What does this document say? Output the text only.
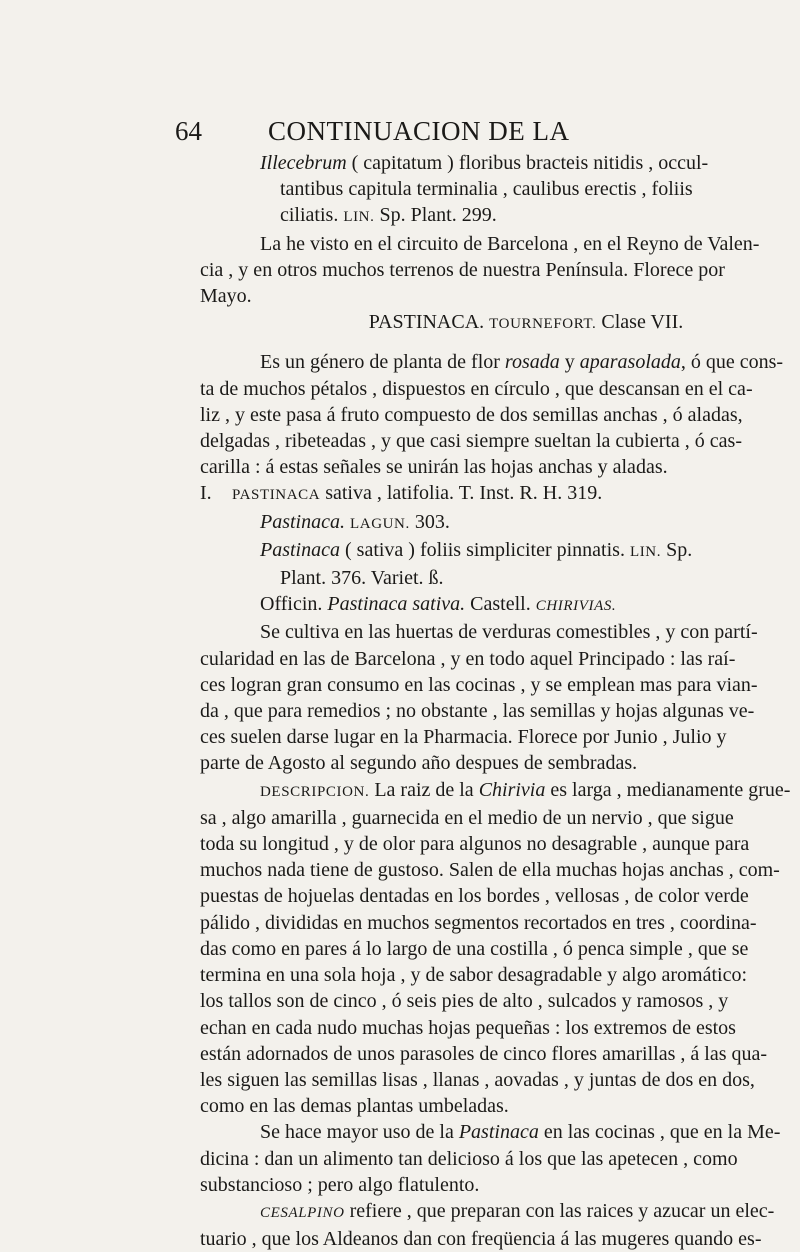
64 CONTINUACION DE LA

Illecebrum ( capitatum ) floribus bracteis nitidis , occul-

tantibus capitula terminalia , caulibus erectis , foliis

ciliatis. LIN. Sp. Plant. 299.

La he visto en el circuito de Barcelona , en el Reyno de Valen-

cia , y en otros muchos terrenos de nuestra Península. Florece por

Mayo.

PASTINACA. TOURNEFORT. Clase VII.

Es un género de planta de flor rosada y aparasolada, ó que cons-

ta de muchos pétalos , dispuestos en círculo , que descansan en el ca-

liz , y este pasa á fruto compuesto de dos semillas anchas , ó aladas,

delgadas , ribeteadas , y que casi siempre sueltan la cubierta , ó cas-

carilla : á estas señales se unirán las hojas anchas y aladas.

I. PASTINACA sativa , latifolia. T. Inst. R. H. 319.

Pastinaca. LAGUN. 303.

Pastinaca ( sativa ) foliis simpliciter pinnatis. LIN. Sp.

Plant. 376. Variet. ß.

Officin. Pastinaca sativa. Castell. CHIRIVIAS.

Se cultiva en las huertas de verduras comestibles , y con partí-

cularidad en las de Barcelona , y en todo aquel Principado : las raí-

ces logran gran consumo en las cocinas , y se emplean mas para vian-

da , que para remedios ; no obstante , las semillas y hojas algunas ve-

ces suelen darse lugar en la Pharmacia. Florece por Junio , Julio y

parte de Agosto al segundo año despues de sembradas.

DESCRIPCION. La raiz de la Chirivia es larga , medianamente grue-

sa , algo amarilla , guarnecida en el medio de un nervio , que sigue

toda su longitud , y de olor para algunos no desagrable , aunque para

muchos nada tiene de gustoso. Salen de ella muchas hojas anchas , com-

puestas de hojuelas dentadas en los bordes , vellosas , de color verde

pálido , divididas en muchos segmentos recortados en tres , coordina-

das como en pares á lo largo de una costilla , ó penca simple , que se

termina en una sola hoja , y de sabor desagradable y algo aromático:

los tallos son de cinco , ó seis pies de alto , sulcados y ramosos , y

echan en cada nudo muchas hojas pequeñas : los extremos de estos

están adornados de unos parasoles de cinco flores amarillas , á las qua-

les siguen las semillas lisas , llanas , aovadas , y juntas de dos en dos,

como en las demas plantas umbeladas.

Se hace mayor uso de la Pastinaca en las cocinas , que en la Me-

dicina : dan un alimento tan delicioso á los que las apetecen , como

substancioso ; pero algo flatulento.

CESALPINO refiere , que preparan con las raices y azucar un elec-

tuario , que los Aldeanos dan con freqüencia á las mugeres quando es-
